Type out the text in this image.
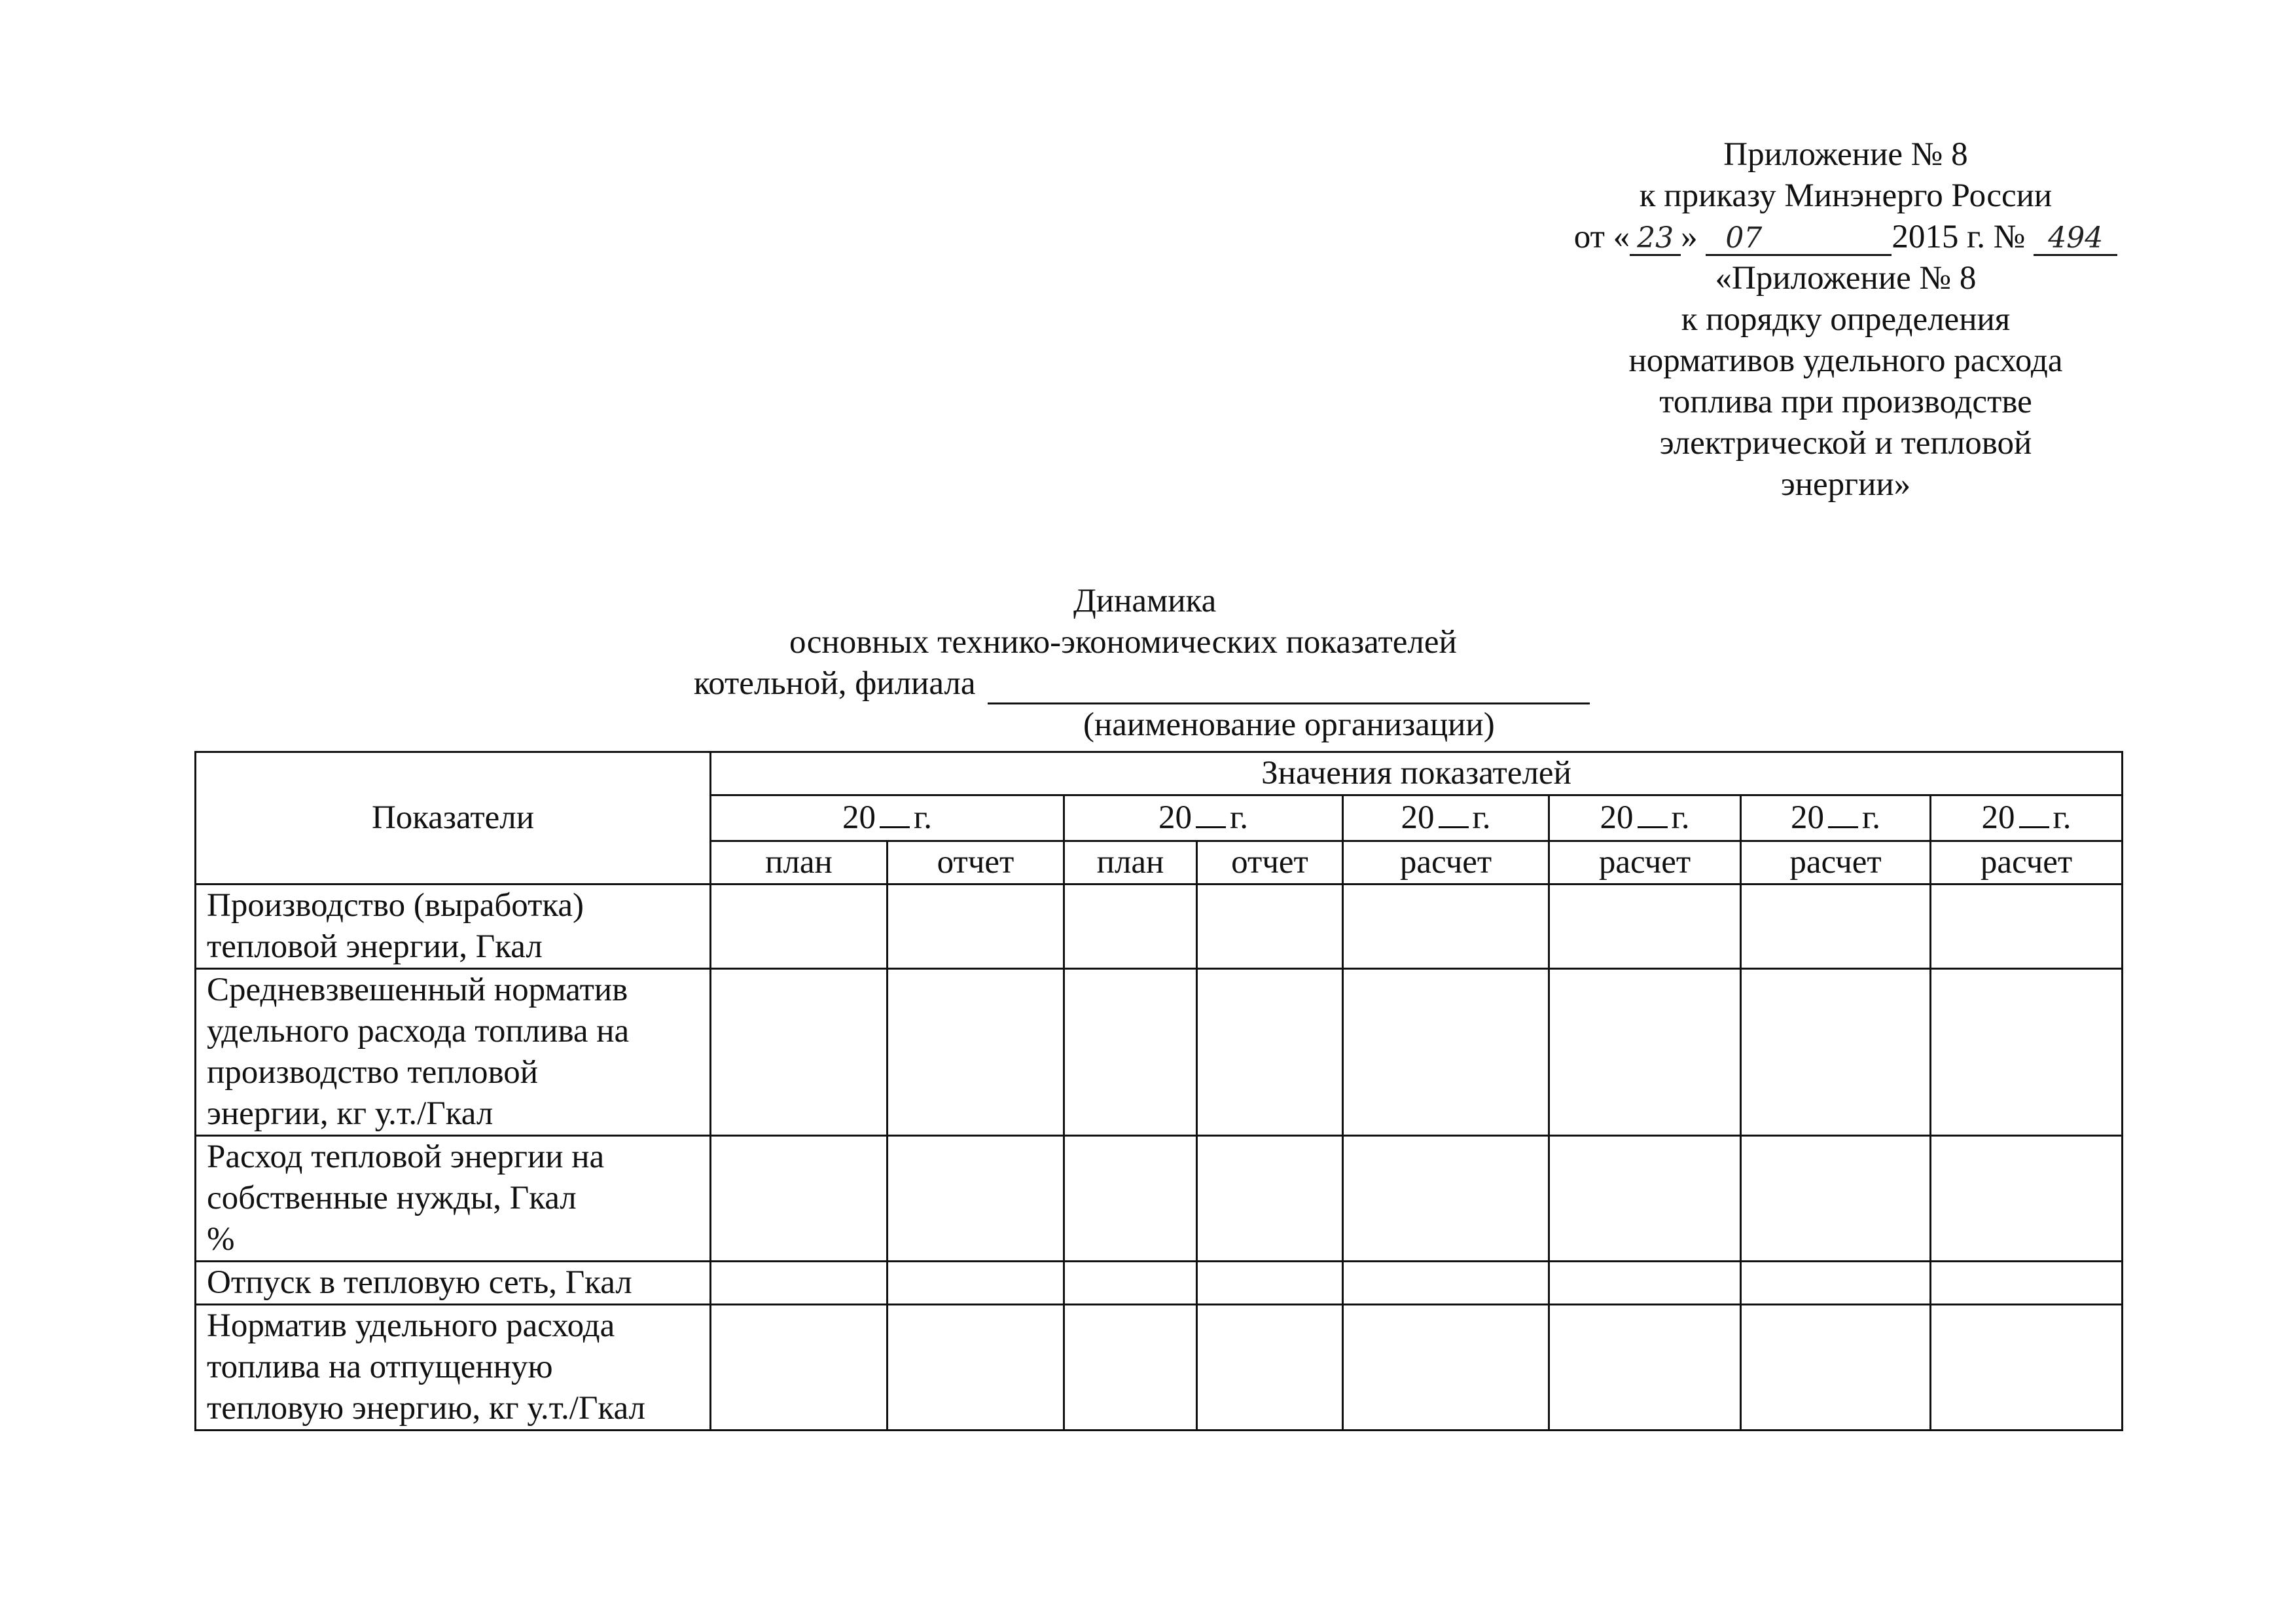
Приложение № 8
к приказу Минэнерго России
от « 23 » 07	2015 г. № 494
«Приложение № 8
к порядку определения
нормативов удельного расхода
топлива при производстве
электрической и тепловой
энергии»
Динамика
основных технико-экономических показателей
котельной, филиала
(наименование организации)
Показатели	Значения показателей							

	20 г.		20 г.		20 г.	20 г.	20 г.	20 г.

	план	отчет	план	отчет	расчет	расчет	расчет	расчет

Производство (выработка)
тепловой энергии, Гкал								

Средневзвешенный норматив
удельного расхода топлива на
производство тепловой
энергии, кг у.т./Гкал								

Расход тепловой энергии на
собственные нужды, Гкал
%								

Отпуск в тепловую сеть, Гкал								

Норматив удельного расхода
топлива на отпущенную
тепловую энергию, кг у.т./Гкал								
